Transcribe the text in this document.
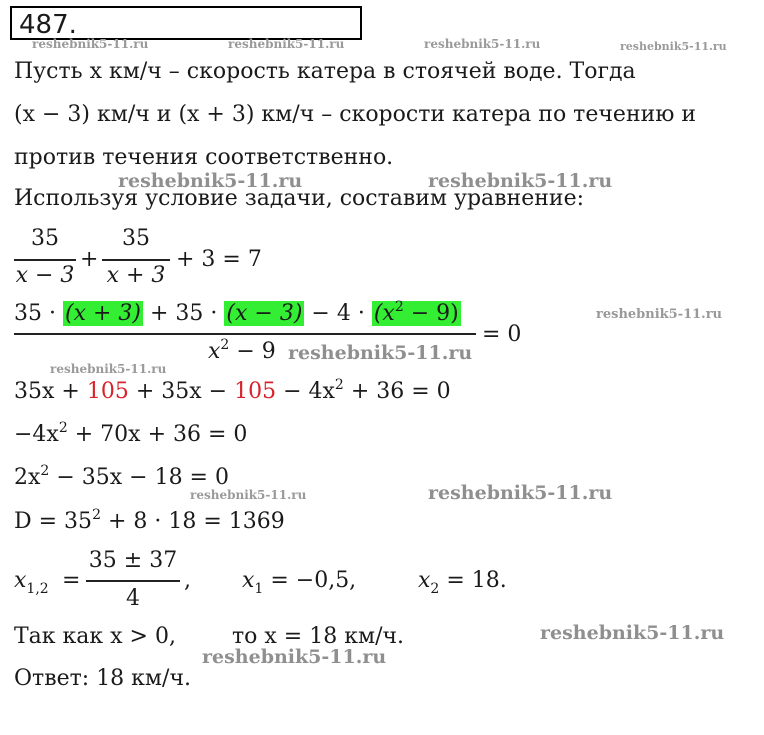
487.
reshebnik5-11.ru	reshebnik5-11.ru	reshebnik5-11.ru	reshebnik5-11.ru
reshebnik5-11.ru	reshebnik5-11.ru
reshebnik5-11.ru
reshebnik5-11.ru
reshebnik5-11.ru
reshebnik5-11.ru	reshebnik5-11.ru
reshebnik5-11.ru
reshebnik5-11.ru
Пусть x км/ч – скорость катера в стоячей воде. Тогда
(x − 3) км/ч и (x + 3) км/ч – скорости катера по течению и
против течения соответственно.
Используя условие задачи, составим уравнение:
35
x − 3
+
35
x + 3
+ 3 = 7
$35 \cdot (x + 3) + 35 \cdot (x - 3) - 4 \cdot (x^2 - 9)$
$x^2 - 9$
= 0
$35x + 105 + 35x - 105 - 4x^2 + 36 = 0$
$-4x^2 + 70x + 36 = 0$
$2x^2 - 35x - 18 = 0$
$D = 35^2 + 8 \cdot 18 = 1369$
$x_{1,2}$ =
35 ± 37
4
, $x_1 = -0,5$,	$x_2 = 18$.
Так как x > 0,	то x = 18 км/ч.
Ответ: 18 км/ч.
